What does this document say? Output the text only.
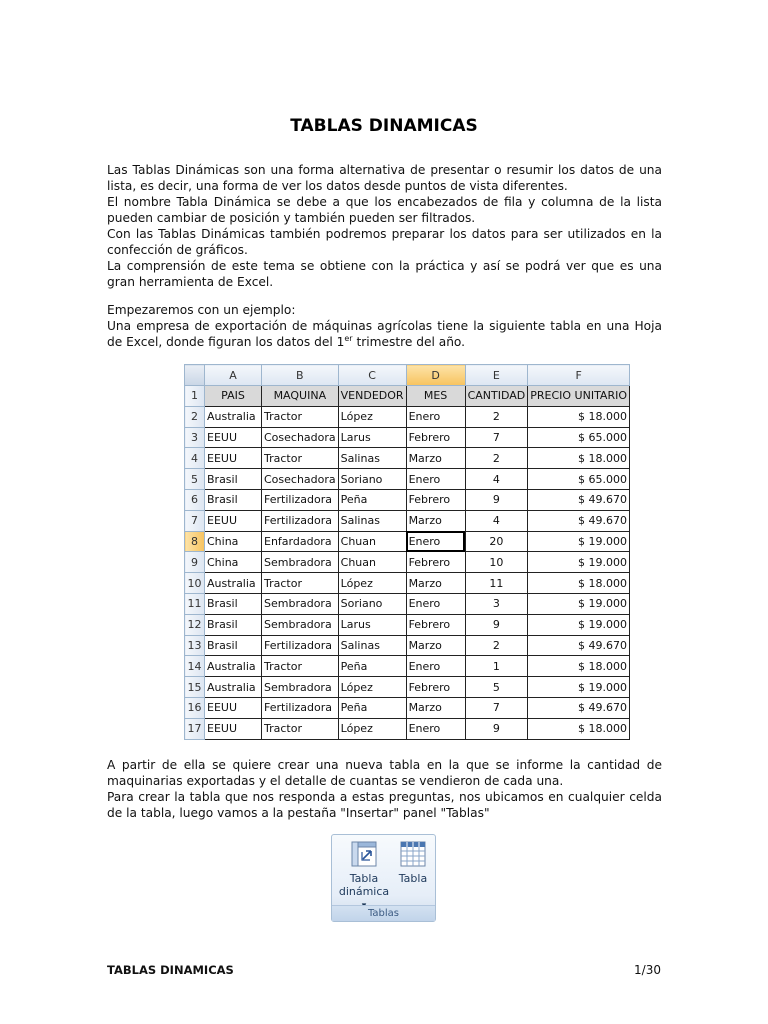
TABLAS DINAMICAS

Las Tablas Dinámicas son una forma alternativa de presentar o resumir los datos de una lista, es decir, una forma de ver los datos desde puntos de vista diferentes.

El nombre Tabla Dinámica se debe a que los encabezados de fila y columna de la lista pueden cambiar de posición y también pueden ser filtrados.

Con las Tablas Dinámicas también podremos preparar los datos para ser utilizados en la confección de gráficos.

La comprensión de este tema se obtiene con la práctica y así se podrá ver que es una gran herramienta de Excel.

Empezaremos con un ejemplo:

Una empresa de exportación de máquinas agrícolas tiene la siguiente tabla en una Hoja de Excel, donde figuran los datos del 1er trimestre del año.

	A	B	C	D	E	F
1	PAIS	MAQUINA	VENDEDOR	MES	CANTIDAD	PRECIO UNITARIO
2	Australia	Tractor	López	Enero	2	$ 18.000
3	EEUU	Cosechadora	Larus	Febrero	7	$ 65.000
4	EEUU	Tractor	Salinas	Marzo	2	$ 18.000
5	Brasil	Cosechadora	Soriano	Enero	4	$ 65.000
6	Brasil	Fertilizadora	Peña	Febrero	9	$ 49.670
7	EEUU	Fertilizadora	Salinas	Marzo	4	$ 49.670
8	China	Enfardadora	Chuan	Enero	20	$ 19.000
9	China	Sembradora	Chuan	Febrero	10	$ 19.000
10	Australia	Tractor	López	Marzo	11	$ 18.000
11	Brasil	Sembradora	Soriano	Enero	3	$ 19.000
12	Brasil	Sembradora	Larus	Febrero	9	$ 19.000
13	Brasil	Fertilizadora	Salinas	Marzo	2	$ 49.670
14	Australia	Tractor	Peña	Enero	1	$ 18.000
15	Australia	Sembradora	López	Febrero	5	$ 19.000
16	EEUU	Fertilizadora	Peña	Marzo	7	$ 49.670
17	EEUU	Tractor	López	Enero	9	$ 18.000

A partir de ella se quiere crear una nueva tabla en la que se informe la cantidad de maquinarias exportadas y el detalle de cuantas se vendieron de cada una.

Para crear la tabla que nos responda a estas preguntas, nos ubicamos en cualquier celda de la tabla, luego vamos a la pestaña "Insertar" panel "Tablas"

Tabla
dinámica
Tabla
Tablas
TABLAS DINAMICAS	1/30
